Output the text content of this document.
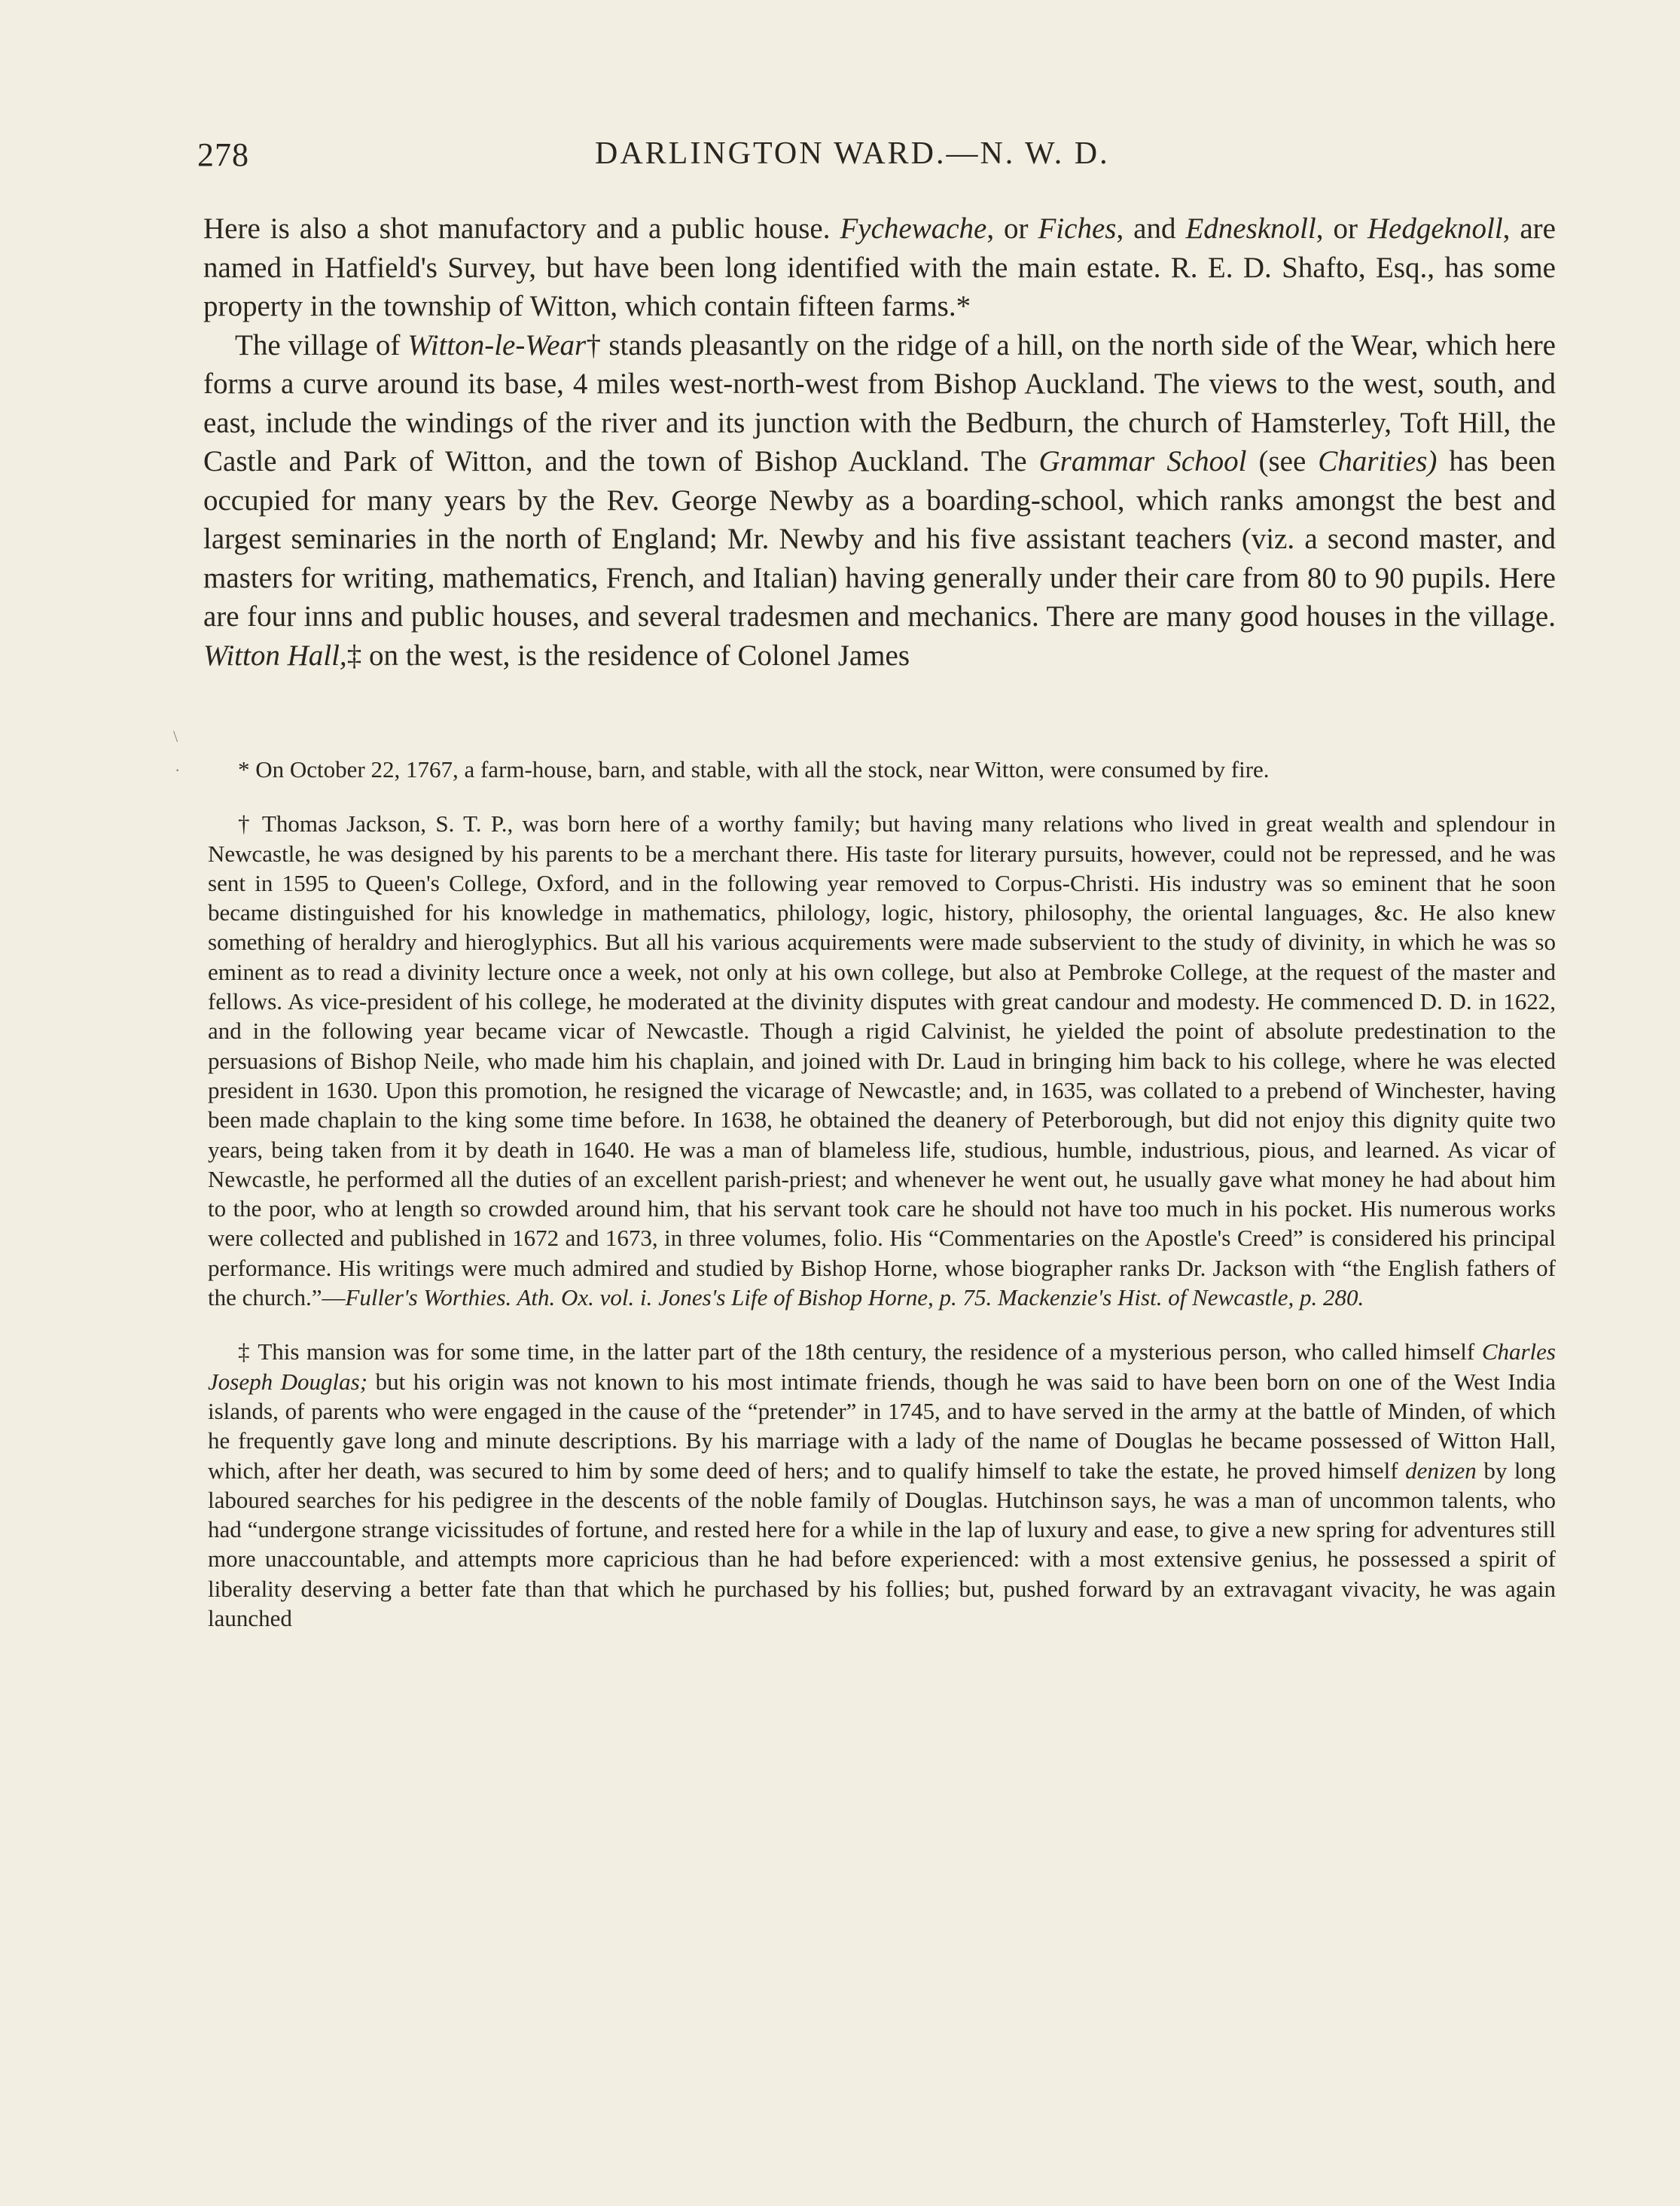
278	DARLINGTON WARD.—N. W. D.

Here is also a shot manufactory and a public house. Fychewache, or Fiches, and Ednesknoll, or Hedgeknoll, are named in Hatfield's Survey, but have been long identified with the main estate. R. E. D. Shafto, Esq., has some property in the township of Witton, which contain fifteen farms.*

The village of Witton-le-Wear† stands pleasantly on the ridge of a hill, on the north side of the Wear, which here forms a curve around its base, 4 miles west-north-west from Bishop Auckland. The views to the west, south, and east, include the windings of the river and its junction with the Bedburn, the church of Hamsterley, Toft Hill, the Castle and Park of Witton, and the town of Bishop Auckland. The Grammar School (see Charities) has been occupied for many years by the Rev. George Newby as a boarding-school, which ranks amongst the best and largest seminaries in the north of England; Mr. Newby and his five assistant teachers (viz. a second master, and masters for writing, mathematics, French, and Italian) having generally under their care from 80 to 90 pupils. Here are four inns and public houses, and several tradesmen and mechanics. There are many good houses in the village. Witton Hall,‡ on the west, is the residence of Colonel James

\
·	* On October 22, 1767, a farm-house, barn, and stable, with all the stock, near Witton, were consumed by fire.

† Thomas Jackson, S. T. P., was born here of a worthy family; but having many relations who lived in great wealth and splendour in Newcastle, he was designed by his parents to be a merchant there. His taste for literary pursuits, however, could not be repressed, and he was sent in 1595 to Queen's College, Oxford, and in the following year removed to Corpus-Christi. His industry was so eminent that he soon became distinguished for his knowledge in mathematics, philology, logic, history, philosophy, the oriental languages, &c. He also knew something of heraldry and hieroglyphics. But all his various acquirements were made subservient to the study of divinity, in which he was so eminent as to read a divinity lecture once a week, not only at his own college, but also at Pembroke College, at the request of the master and fellows. As vice-president of his college, he moderated at the divinity disputes with great candour and modesty. He commenced D. D. in 1622, and in the following year became vicar of Newcastle. Though a rigid Calvinist, he yielded the point of absolute predestination to the persuasions of Bishop Neile, who made him his chaplain, and joined with Dr. Laud in bringing him back to his college, where he was elected president in 1630. Upon this promotion, he resigned the vicarage of Newcastle; and, in 1635, was collated to a prebend of Winchester, having been made chaplain to the king some time before. In 1638, he obtained the deanery of Peterborough, but did not enjoy this dignity quite two years, being taken from it by death in 1640. He was a man of blameless life, studious, humble, industrious, pious, and learned. As vicar of Newcastle, he performed all the duties of an excellent parish-priest; and whenever he went out, he usually gave what money he had about him to the poor, who at length so crowded around him, that his servant took care he should not have too much in his pocket. His numerous works were collected and published in 1672 and 1673, in three volumes, folio. His “Commentaries on the Apostle's Creed” is considered his principal performance. His writings were much admired and studied by Bishop Horne, whose biographer ranks Dr. Jackson with “the English fathers of the church.”—Fuller's Worthies. Ath. Ox. vol. i. Jones's Life of Bishop Horne, p. 75. Mackenzie's Hist. of Newcastle, p. 280.

‡ This mansion was for some time, in the latter part of the 18th century, the residence of a mysterious person, who called himself Charles Joseph Douglas; but his origin was not known to his most intimate friends, though he was said to have been born on one of the West India islands, of parents who were engaged in the cause of the “pretender” in 1745, and to have served in the army at the battle of Minden, of which he frequently gave long and minute descriptions. By his marriage with a lady of the name of Douglas he became possessed of Witton Hall, which, after her death, was secured to him by some deed of hers; and to qualify himself to take the estate, he proved himself denizen by long laboured searches for his pedigree in the descents of the noble family of Douglas. Hutchinson says, he was a man of uncommon talents, who had “undergone strange vicissitudes of fortune, and rested here for a while in the lap of luxury and ease, to give a new spring for adventures still more unaccountable, and attempts more capricious than he had before experienced: with a most extensive genius, he possessed a spirit of liberality deserving a better fate than that which he purchased by his follies; but, pushed forward by an extravagant vivacity, he was again launched
